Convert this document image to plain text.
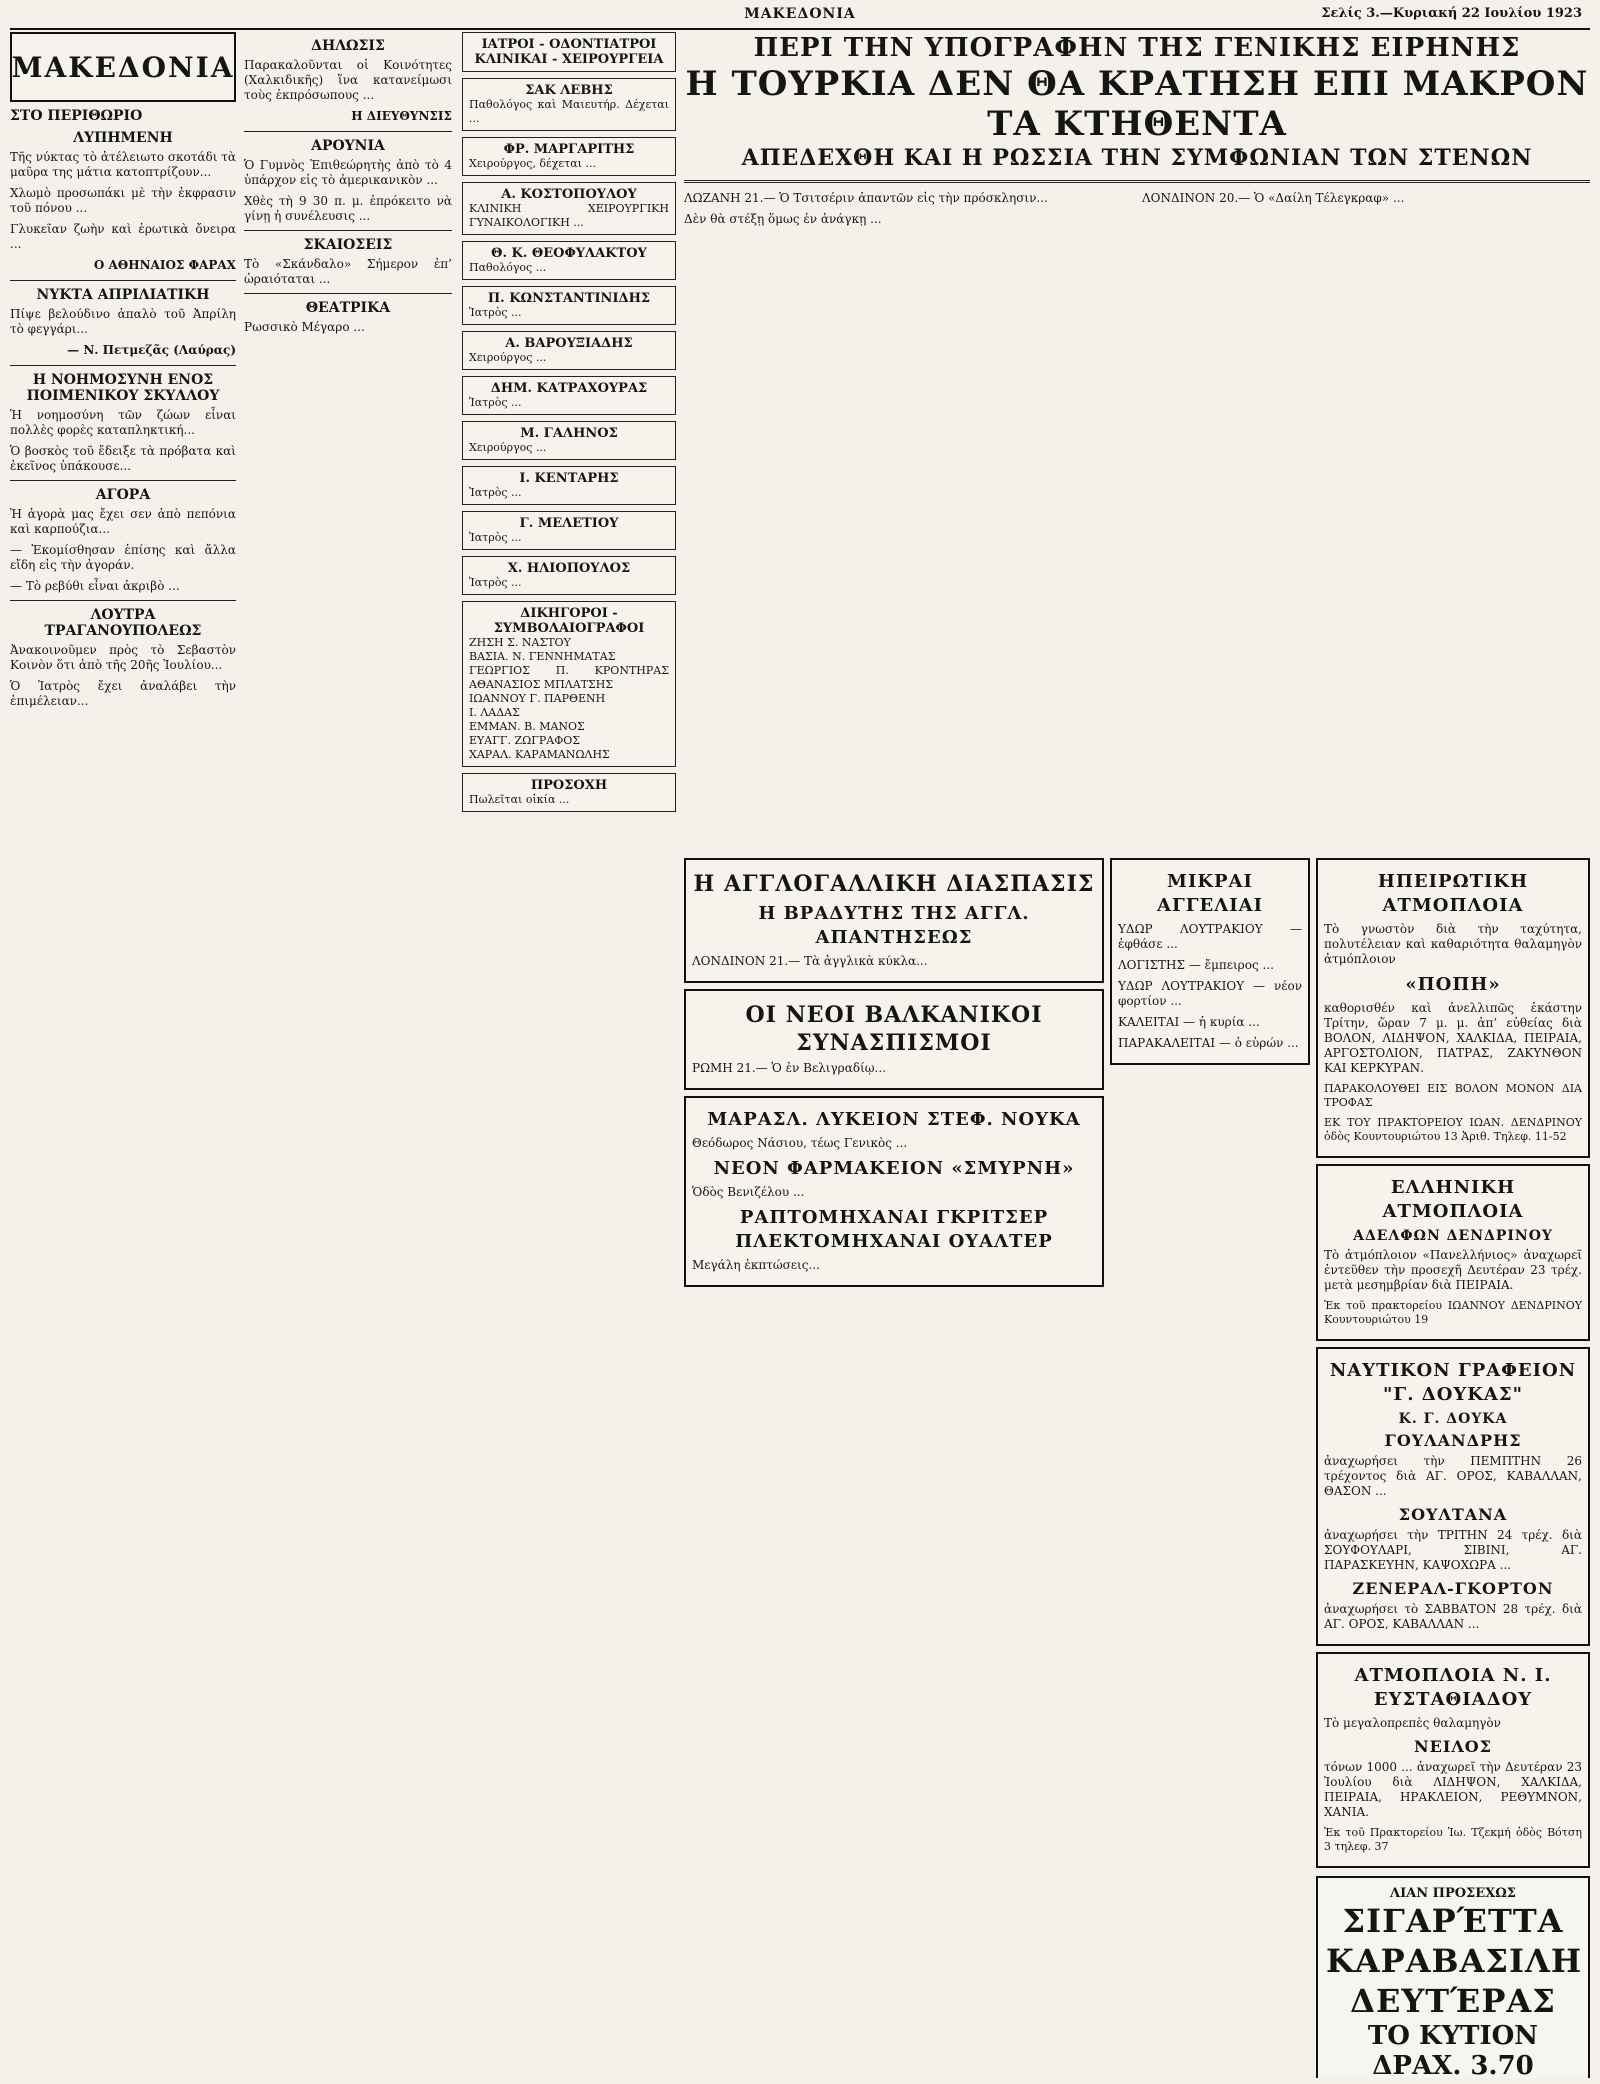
ΜΑΚΕΔΟΝΙΑ	Σελίς 3.—Κυριακή 22 Ιουλίου 1923
ΜΑΚΕΔΟΝΙΑ
ΣΤΟ ΠΕΡΙΘΩΡΙΟ
ΛΥΠΗΜΕΝΗ

Τῆς νύκτας τὸ ἀτέλειωτο σκοτάδι τὰ μαῦρα της μάτια κατοπτρίζουν...

Χλωμὸ προσωπάκι μὲ τὴν ἐκφρασιν τοῦ πόνου ...

Γλυκεῖαν ζωὴν καὶ ἐρωτικὰ ὄνειρα ...

Ο ΑΘΗΝΑΙΟΣ ΦΑΡΑΧ
ΝΥΚΤΑ ΑΠΡΙΛΙΑΤΙΚΗ

Πίψε βελούδινο ἁπαλὸ τοῦ Ἀπρίλη τὸ φεγγάρι...

— Ν. Πετμεζᾶς (Λαύρας)
Η ΝΟΗΜΟΣΥΝΗ ΕΝΟΣ ΠΟΙΜΕΝΙΚΟΥ ΣΚΥΛΛΟΥ

Ἡ νοημοσύνη τῶν ζώων εἶναι πολλὲς φορὲς καταπληκτική...

Ὁ βοσκὸς τοῦ ἔδειξε τὰ πρόβατα καὶ ἐκεῖνος ὑπάκουσε...

ΑΓΟΡΑ

Ἡ ἀγορὰ μας ἔχει σεν ἀπὸ πεπόνια καὶ καρπούζια...

— Ἐκομίσθησαν ἐπίσης καὶ ἄλλα εἴδη εἰς τὴν ἀγοράν.

— Τὸ ρεβύθι εἶναι ἀκριβὸ ...

ΛΟΥΤΡΑ ΤΡΑΓΑΝΟΥΠΟΛΕΩΣ

Ἀνακοινοῦμεν πρὸς τὸ Σεβαστὸν Κοινὸν ὅτι ἀπὸ τῆς 20ῆς Ἰουλίου...

Ὁ Ἰατρὸς ἔχει ἀναλάβει τὴν ἐπιμέλειαν...

ΔΗΛΩΣΙΣ

Παρακαλοῦνται οἱ Κοινότητες (Χαλκιδικῆς) ἵνα κατανείμωσι τοὺς ἐκπρόσωπους ...

Η ΔΙΕΥΘΥΝΣΙΣ
ΑΡΟΥΝΙΑ

Ὁ Γυμνὸς Ἐπιθεώρητὴς ἀπὸ τὸ 4 ὑπάρχον εἰς τὸ ἀμερικανικὸν ...

Χθὲς τὴ 9 30 π. μ. ἐπρόκειτο νὰ γίνῃ ἡ συνέλευσις ...

ΣΚΑΙΟΣΕΙΣ

Τὸ «Σκάνδαλο» Σήμερον ἐπ’ ὠραιόταται ...

ΘΕΑΤΡΙΚΑ

Ρωσσικὸ Μέγαρο ...

ΙΑΤΡΟΙ - ΟΔΟΝΤΙΑΤΡΟΙ ΚΛΙΝΙΚΑΙ - ΧΕΙΡΟΥΡΓΕΙΑ
ΣΑΚ ΛΕΒΗΣ
Παθολόγος καὶ Μαιευτήρ. Δέχεται ...
ΦΡ. ΜΑΡΓΑΡΙΤΗΣ
Χειρούργος, δέχεται ...
Α. ΚΟΣΤΟΠΟΥΛΟΥ
ΚΛΙΝΙΚΗ ΧΕΙΡΟΥΡΓΙΚΗ ΓΥΝΑΙΚΟΛΟΓΙΚΗ ...
Θ. Κ. ΘΕΟΦΥΛΑΚΤΟΥ
Παθολόγος ...
Π. ΚΩΝΣΤΑΝΤΙΝΙΔΗΣ
Ἰατρὸς ...
Α. ΒΑΡΟΥΞΙΑΔΗΣ
Χειρούργος ...
ΔΗΜ. ΚΑΤΡΑΧΟΥΡΑΣ
Ἰατρὸς ...
Μ. ΓΑΛΗΝΟΣ
Χειρούργος ...
Ι. ΚΕΝΤΑΡΗΣ
Ἰατρὸς ...
Γ. ΜΕΛΕΤΙΟΥ
Ἰατρὸς ...
Χ. ΗΛΙΟΠΟΥΛΟΣ
Ἰατρὸς ...
ΔΙΚΗΓΟΡΟΙ - ΣΥΜΒΟΛΑΙΟΓΡΑΦΟΙ
ΖΗΣΗ Σ. ΝΑΣΤΟΥ
ΒΑΣΙΑ. Ν. ΓΕΝΝΗΜΑΤΑΣ
ΓΕΩΡΓΙΟΣ Π. ΚΡΟΝΤΗΡΑΣ ΑΘΑΝΑΣΙΟΣ ΜΠΛΑΤΣΗΣ
ΙΩΑΝΝΟΥ Γ. ΠΑΡΘΕΝΗ
Ι. ΛΑΔΑΣ
ΕΜΜΑΝ. Β. ΜΑΝΟΣ
ΕΥΑΓΓ. ΖΩΓΡΑΦΟΣ
ΧΑΡΑΛ. ΚΑΡΑΜΑΝΩΛΗΣ
ΠΡΟΣΟΧΗ
Πωλεῖται οἰκία ...
ΠΕΡΙ ΤΗΝ ΥΠΟΓΡΑΦΗΝ ΤΗΣ ΓΕΝΙΚΗΣ ΕΙΡΗΝΗΣ
Η ΤΟΥΡΚΙΑ ΔΕΝ ΘΑ ΚΡΑΤΗΣΗ ΕΠΙ ΜΑΚΡΟΝ ΤΑ ΚΤΗΘΕΝΤΑ
ΑΠΕΔΕΧΘΗ ΚΑΙ Η ΡΩΣΣΙΑ ΤΗΝ ΣΥΜΦΩΝΙΑΝ ΤΩΝ ΣΤΕΝΩΝ

ΛΩΖΑΝΗ 21.— Ὁ Τσιτσέριν ἀπαντῶν εἰς τὴν πρόσκλησιν...

Δὲν θὰ στέξῃ ὅμως ἐν ἀνάγκῃ ...

ΛΟΝΔΙΝΟΝ 20.— Ὁ «Δαίλη Τέλεγκραφ» ...

Η ΑΓΓΛΟΓΑΛΛΙΚΗ ΔΙΑΣΠΑΣΙΣ
Η ΒΡΑΔΥΤΗΣ ΤΗΣ ΑΓΓΛ. ΑΠΑΝΤΗΣΕΩΣ

ΛΟΝΔΙΝΟΝ 21.— Τὰ ἀγγλικὰ κύκλα...

ΟΙ ΝΕΟΙ ΒΑΛΚΑΝΙΚΟΙ ΣΥΝΑΣΠΙΣΜΟΙ

ΡΩΜΗ 21.— Ὁ ἐν Βελιγραδίῳ...

ΜΑΡΑΣΛ. ΛΥΚΕΙΟΝ ΣΤΕΦ. ΝΟΥΚΑ

Θεόδωρος Νάσιου, τέως Γενικὸς ...

ΝΕΟΝ ΦΑΡΜΑΚΕΙΟΝ «ΣΜΥΡΝΗ»

Ὁδὸς Βενιζέλου ...

ΡΑΠΤΟΜΗΧΑΝΑΙ ΓΚΡΙΤΣΕΡ ΠΛΕΚΤΟΜΗΧΑΝΑΙ ΟΥΑΛΤΕΡ

Μεγάλη ἐκπτώσεις...

ΜΙΚΡΑΙ ΑΓΓΕΛΙΑΙ

ΥΔΩΡ ΛΟΥΤΡΑΚΙΟΥ — ἐφθάσε ...

ΛΟΓΙΣΤΗΣ — ἔμπειρος ...

ΥΔΩΡ ΛΟΥΤΡΑΚΙΟΥ — νέον φορτίον ...

ΚΑΛΕΙΤΑΙ — ἡ κυρία ...

ΠΑΡΑΚΑΛΕΙΤΑΙ — ὁ εὑρών ...

ΗΠΕΙΡΩΤΙΚΗ ΑΤΜΟΠΛΟΙΑ

Τὸ γνωστὸν διὰ τὴν ταχύτητα, πολυτέλειαν καὶ καθαριότητα θαλαμηγὸν ἀτμόπλοιον

«ΠΟΠΗ»

καθορισθέν καὶ ἀνελλιπῶς ἐκάστην Τρίτην, ὥραν 7 μ. μ. ἀπ’ εὐθείας διὰ ΒΟΛΟΝ, ΛΙΔΗΨΟΝ, ΧΑΛΚΙΔΑ, ΠΕΙΡΑΙΑ, ΑΡΓΟΣΤΟΛΙΟΝ, ΠΑΤΡΑΣ, ΖΑΚΥΝΘΟΝ ΚΑΙ ΚΕΡΚΥΡΑΝ.

ΠΑΡΑΚΟΛΟΥΘΕΙ ΕΙΣ ΒΟΛΟΝ ΜΟΝΟΝ ΔΙΑ ΤΡΟΦΑΣ

ΕΚ ΤΟΥ ΠΡΑΚΤΟΡΕΙΟΥ ΙΩΑΝ. ΔΕΝΔΡΙΝΟΥ ὁδὸς Κουντουριώτου 13 Ἀριθ. Τηλεφ. 11-52

ΕΛΛΗΝΙΚΗ ΑΤΜΟΠΛΟΙΑ
ΑΔΕΛΦΩΝ ΔΕΝΔΡΙΝΟΥ

Τὸ ἀτμόπλοιον «Πανελλήνιος» ἀναχωρεῖ ἐντεῦθεν τὴν προσεχῆ Δευτέραν 23 τρέχ. μετὰ μεσημβρίαν διὰ ΠΕΙΡΑΙΑ.

Ἐκ τοῦ πρακτορείου ΙΩΑΝΝΟΥ ΔΕΝΔΡΙΝΟΥ Κουντουριώτου 19

ΝΑΥΤΙΚΟΝ ΓΡΑΦΕΙΟΝ "Γ. ΔΟΥΚΑΣ"
Κ. Γ. ΔΟΥΚΑ
ΓΟΥΛΑΝΔΡΗΣ

ἀναχωρήσει τὴν ΠΕΜΠΤΗΝ 26 τρέχοντος διὰ ΑΓ. ΟΡΟΣ, ΚΑΒΑΛΛΑΝ, ΘΑΣΟΝ ...

ΣΟΥΛΤΑΝΑ

ἀναχωρήσει τὴν ΤΡΙΤΗΝ 24 τρέχ. διὰ ΣΟΥΦΟΥΛΑΡΙ, ΣΙΒΙΝΙ, ΑΓ. ΠΑΡΑΣΚΕΥΗΝ, ΚΑΨΟΧΩΡΑ ...

ΖΕΝΕΡΑΛ-ΓΚΟΡΤΟΝ

ἀναχωρήσει τὸ ΣΑΒΒΑΤΟΝ 28 τρέχ. διὰ ΑΓ. ΟΡΟΣ, ΚΑΒΑΛΛΑΝ ...

ΑΤΜΟΠΛΟΙΑ Ν. Ι. ΕΥΣΤΑΘΙΑΔΟΥ

Τὸ μεγαλοπρεπὲς θαλαμηγὸν

ΝΕΙΛΟΣ

τόνων 1000 ... ἀναχωρεῖ τὴν Δευτέραν 23 Ἰουλίου διὰ ΛΙΔΗΨΟΝ, ΧΑΛΚΙΔΑ, ΠΕΙΡΑΙΑ, ΗΡΑΚΛΕΙΟΝ, ΡΕΘΥΜΝΟΝ, ΧΑΝΙΑ.

Ἐκ τοῦ Πρακτορείου Ἰω. Τζεκμή ὁδὸς Βότση 3 τηλεφ. 37

ΛΙΑΝ ΠΡΟΣΕΧΩΣ
ΣΙΓΑΡΈΤΤΑ ΚΑΡΑΒΑΣΙΛΗ ΔΕΥΤΈΡΑΣ
ΤΟ ΚΥΤΙΟΝ ΔΡΑΧ. 3.70
